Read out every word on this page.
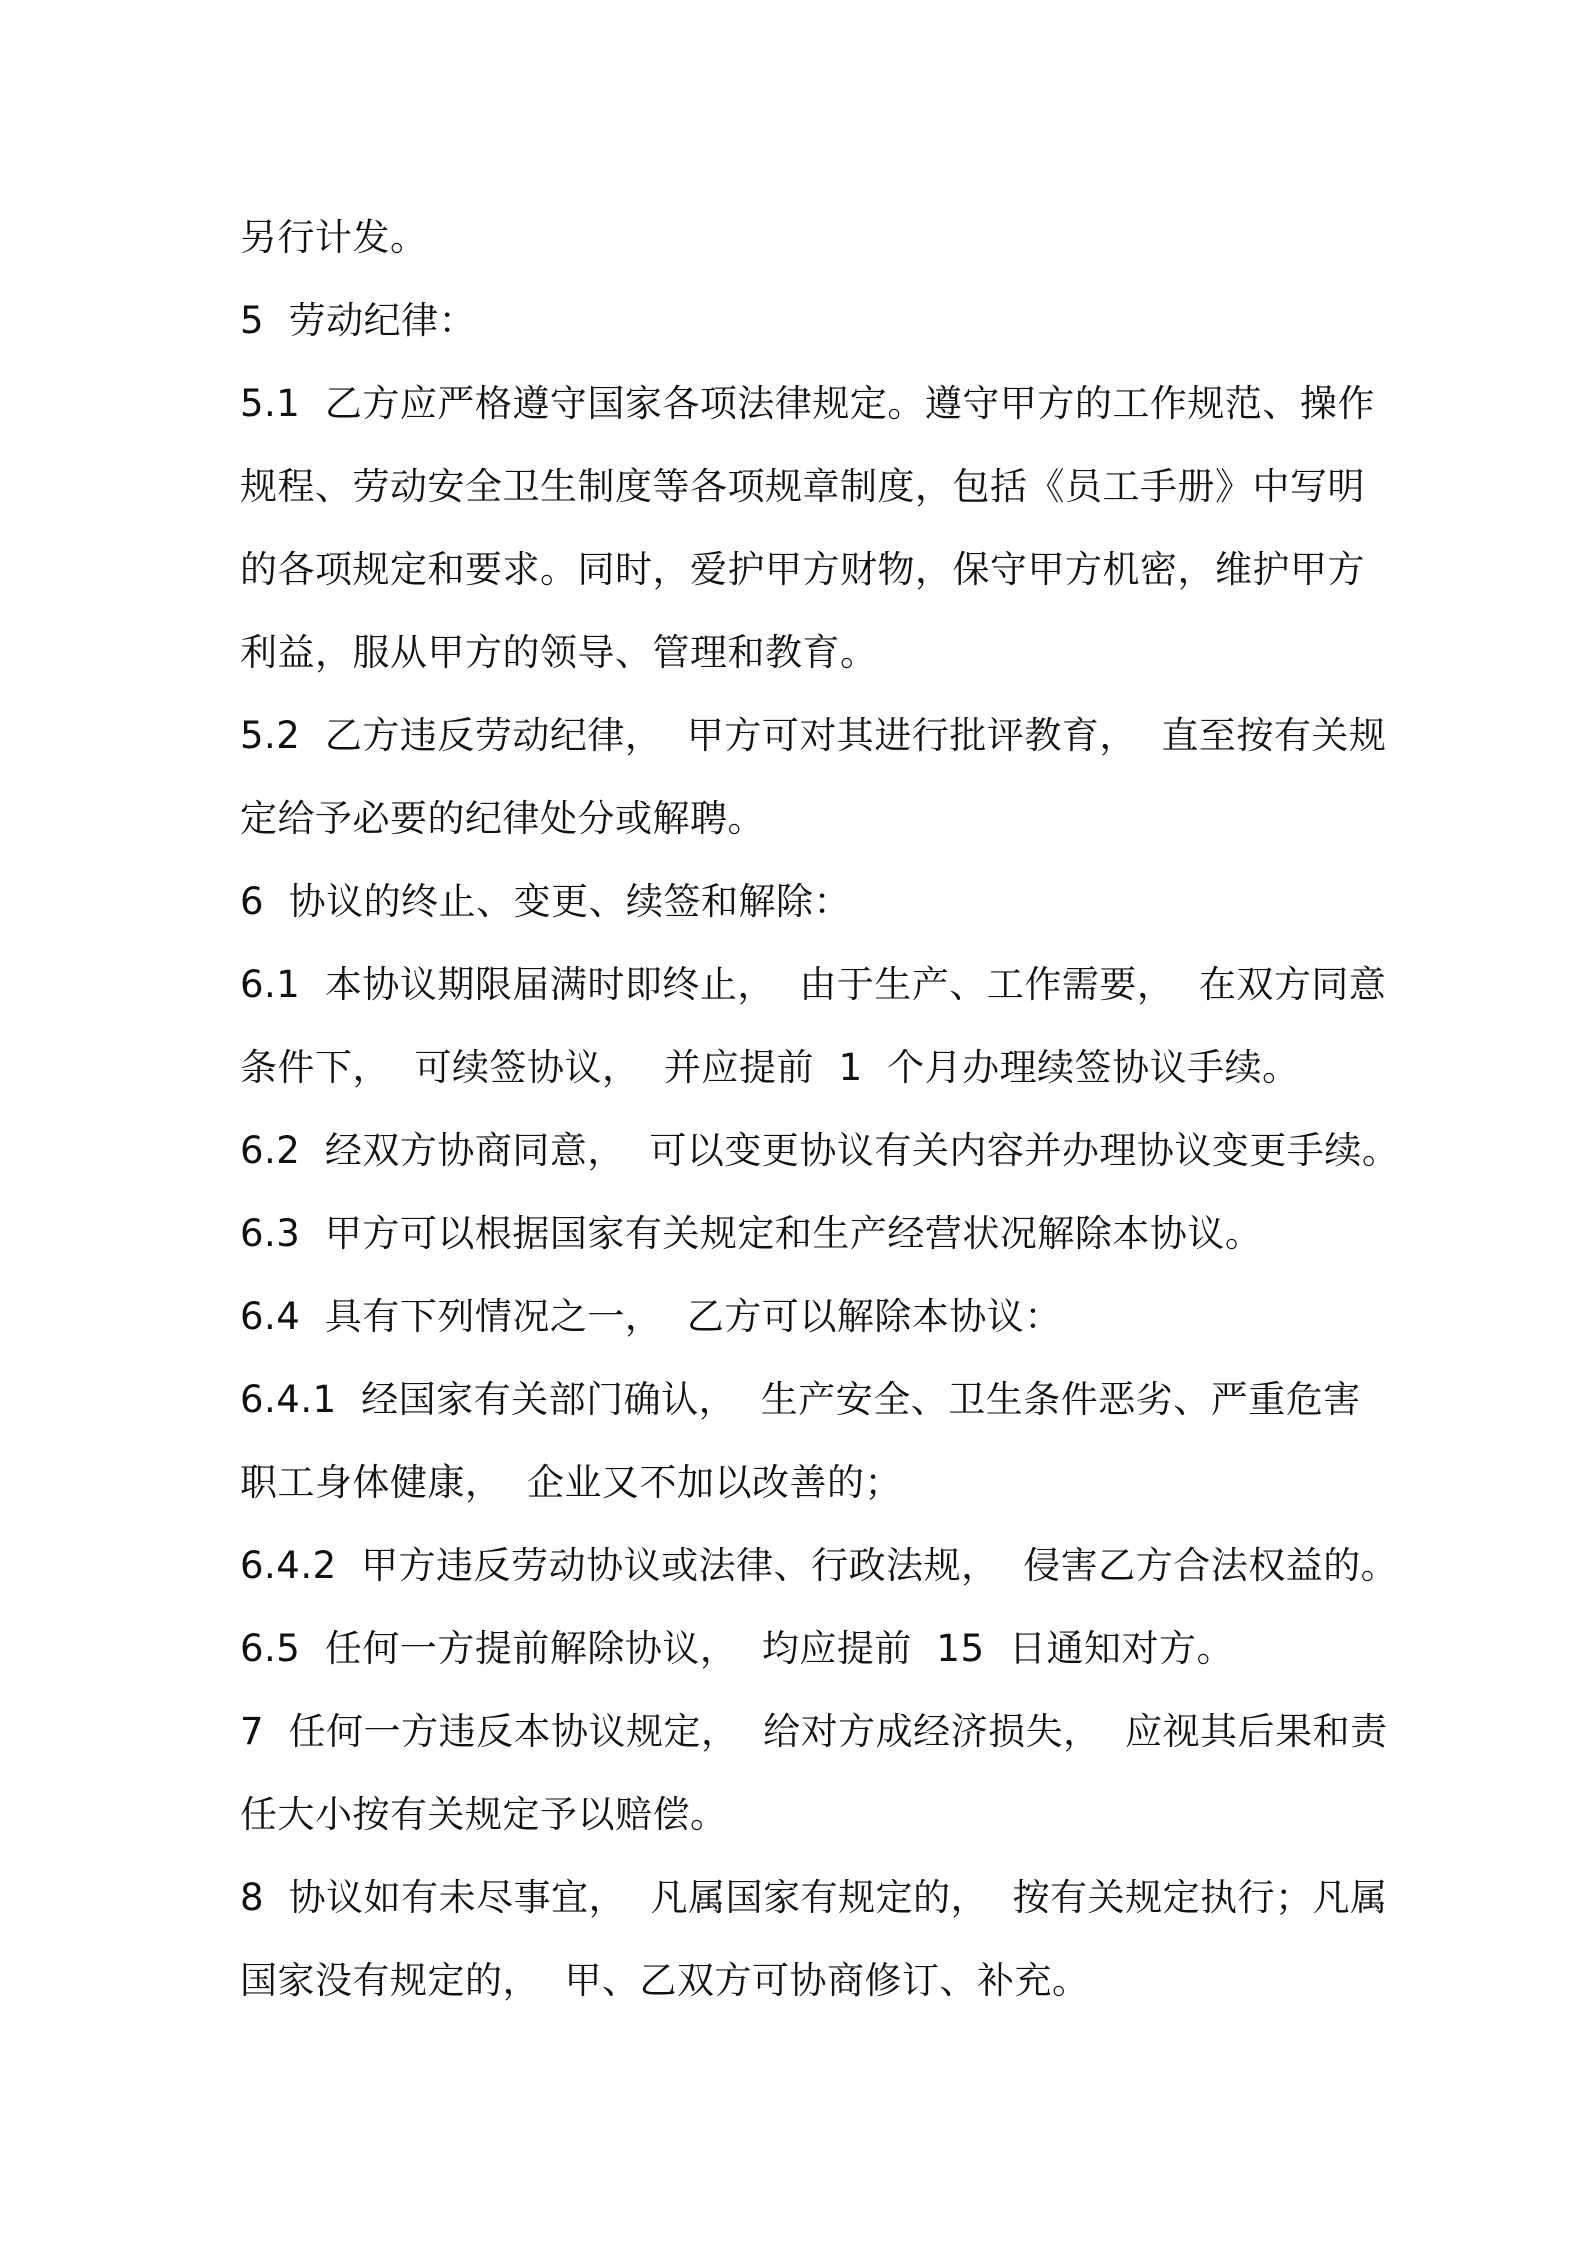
另行计发。
5  劳动纪律：
5.1  乙方应严格遵守国家各项法律规定。遵守甲方的工作规范、操作
规程、劳动安全卫生制度等各项规章制度，包括《员工手册》中写明
的各项规定和要求。同时，爱护甲方财物，保守甲方机密，维护甲方
利益，服从甲方的领导、管理和教育。
5.2  乙方违反劳动纪律，  甲方可对其进行批评教育，  直至按有关规
定给予必要的纪律处分或解聘。
6  协议的终止、变更、续签和解除：
6.1  本协议期限届满时即终止，  由于生产、工作需要，  在双方同意
条件下，  可续签协议，  并应提前  1  个月办理续签协议手续。
6.2  经双方协商同意，  可以变更协议有关内容并办理协议变更手续。
6.3  甲方可以根据国家有关规定和生产经营状况解除本协议。
6.4  具有下列情况之一，  乙方可以解除本协议：
6.4.1  经国家有关部门确认，  生产安全、卫生条件恶劣、严重危害
职工身体健康，  企业又不加以改善的；
6.4.2  甲方违反劳动协议或法律、行政法规，  侵害乙方合法权益的。
6.5  任何一方提前解除协议，  均应提前  15  日通知对方。
7  任何一方违反本协议规定，  给对方成经济损失，  应视其后果和责
任大小按有关规定予以赔偿。
8  协议如有未尽事宜，  凡属国家有规定的，  按有关规定执行；凡属
国家没有规定的，  甲、乙双方可协商修订、补充。
